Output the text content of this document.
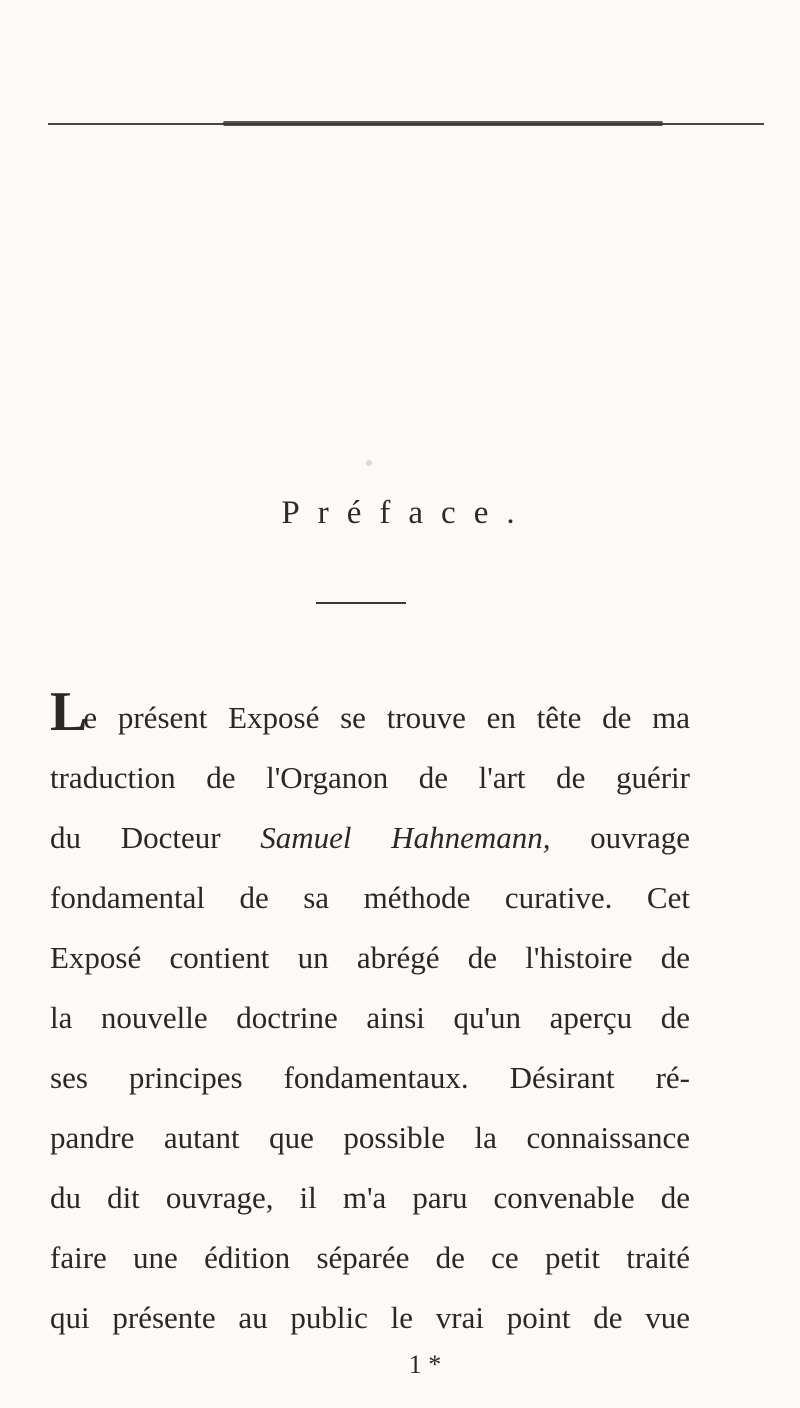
Préface.
Le présent Exposé se trouve en tête de ma
traduction de l'Organon de l'art de guérir
du Docteur Samuel Hahnemann, ouvrage
fondamental de sa méthode curative. Cet
Exposé contient un abrégé de l'histoire de
la nouvelle doctrine ainsi qu'un aperçu de
ses principes fondamentaux. Désirant ré-
pandre autant que possible la connaissance
du dit ouvrage, il m'a paru convenable de
faire une édition séparée de ce petit traité
qui présente au public le vrai point de vue
1 *
